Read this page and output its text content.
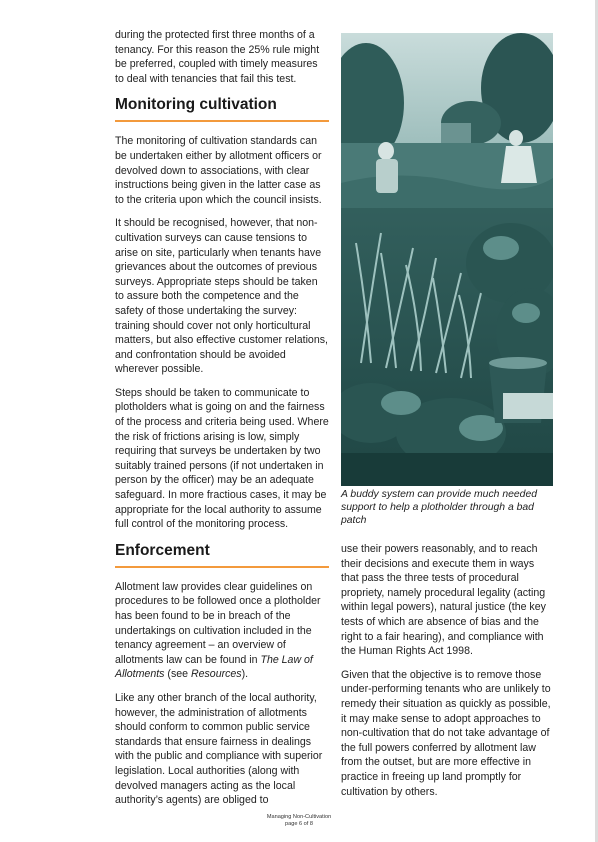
during the protected first three months of a tenancy. For this reason the 25% rule might be preferred, coupled with timely measures to deal with tenancies that fail this test.

Monitoring cultivation

The monitoring of cultivation standards can be undertaken either by allotment officers or devolved down to associations, with clear instructions being given in the latter case as to the criteria upon which the council insists.

It should be recognised, however, that non-cultivation surveys can cause tensions to arise on site, particularly when tenants have grievances about the outcomes of previous surveys. Appropriate steps should be taken to assure both the competence and the safety of those undertaking the survey: training should cover not only horticultural matters, but also effective customer relations, and confrontation should be avoided wherever possible.

Steps should be taken to communicate to plotholders what is going on and the fairness of the process and criteria being used. Where the risk of frictions arising is low, simply requiring that surveys be undertaken by two suitably trained persons (if not undertaken in person by the officer) may be an adequate safeguard. In more fractious cases, it may be appropriate for the local authority to assume full control of the monitoring process.

Enforcement

Allotment law provides clear guidelines on procedures to be followed once a plotholder has been found to be in breach of the undertakings on cultivation included in the tenancy agreement – an overview of allotments law can be found in The Law of Allotments (see Resources).

Like any other branch of the local authority, however, the administration of allotments should conform to common public service standards that ensure fairness in dealings with the public and compliance with superior legislation. Local authorities (along with devolved managers acting as the local authority’s agents) are obliged to

A buddy system can provide much needed support to help a plotholder through a bad patch

use their powers reasonably, and to reach their decisions and execute them in ways that pass the three tests of procedural propriety, namely procedural legality (acting within legal powers), natural justice (the key tests of which are absence of bias and the right to a fair hearing), and compliance with the Human Rights Act 1998.

Given that the objective is to remove those under-performing tenants who are unlikely to remedy their situation as quickly as possible, it may make sense to adopt approaches to non-cultivation that do not take advantage of the full powers conferred by allotment law from the outset, but are more effective in practice in freeing up land promptly for cultivation by others.

Managing Non-Cultivation
page 6 of 8
